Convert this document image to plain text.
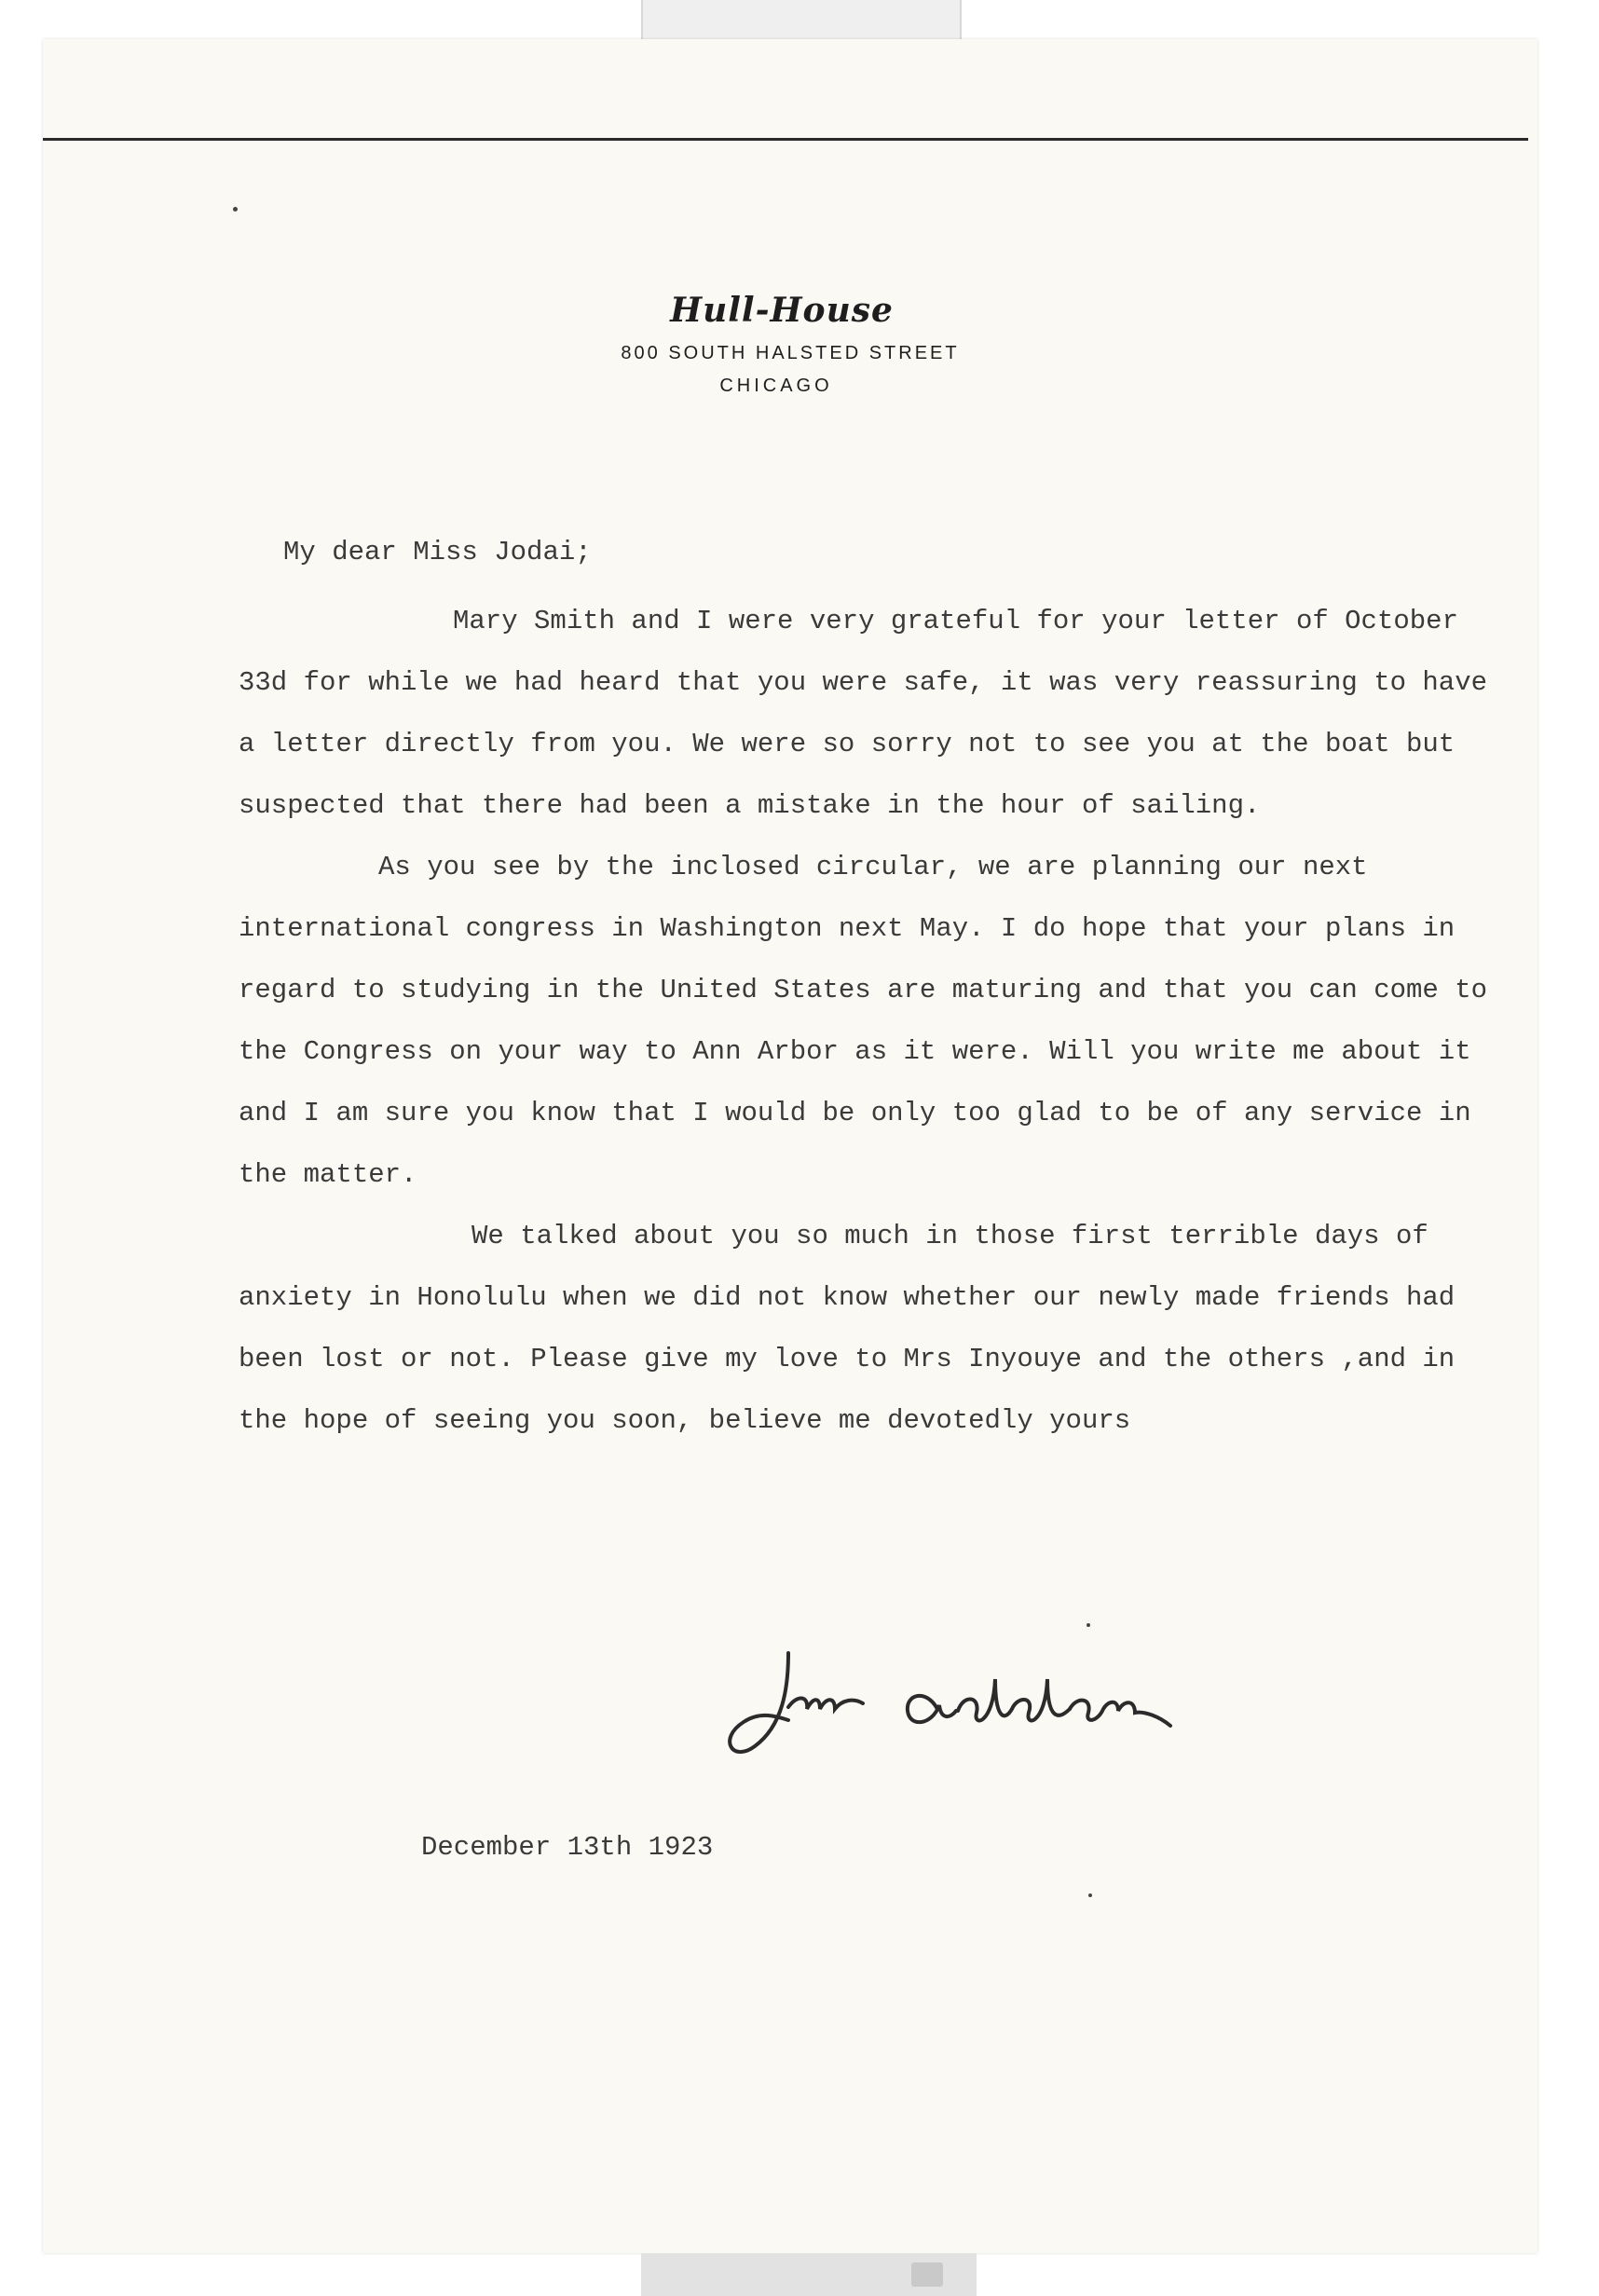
Hull-House
800 SOUTH HALSTED STREET
CHICAGO

My dear Miss Jodai;

Mary Smith and I were very grateful for your letter of October 33d for while we had heard that you were safe, it was very reassuring to have a letter directly from you. We were so sorry not to see you at the boat but suspected that there had been a mistake in the hour of sailing.

As you see by the inclosed circular, we are planning our next international congress in Washington next May. I do hope that your plans in regard to studying in the United States are maturing and that you can come to the Congress on your way to Ann Arbor as it were. Will you write me about it and I am sure you know that I would be only too glad to be of any service in the matter.

We talked about you so much in those first terrible days of anxiety in Honolulu when we did not know whether our newly made friends had been lost or not. Please give my love to Mrs Inyouye and the others ,and in the hope of seeing you soon, believe me devotedly yours

December 13th 1923
